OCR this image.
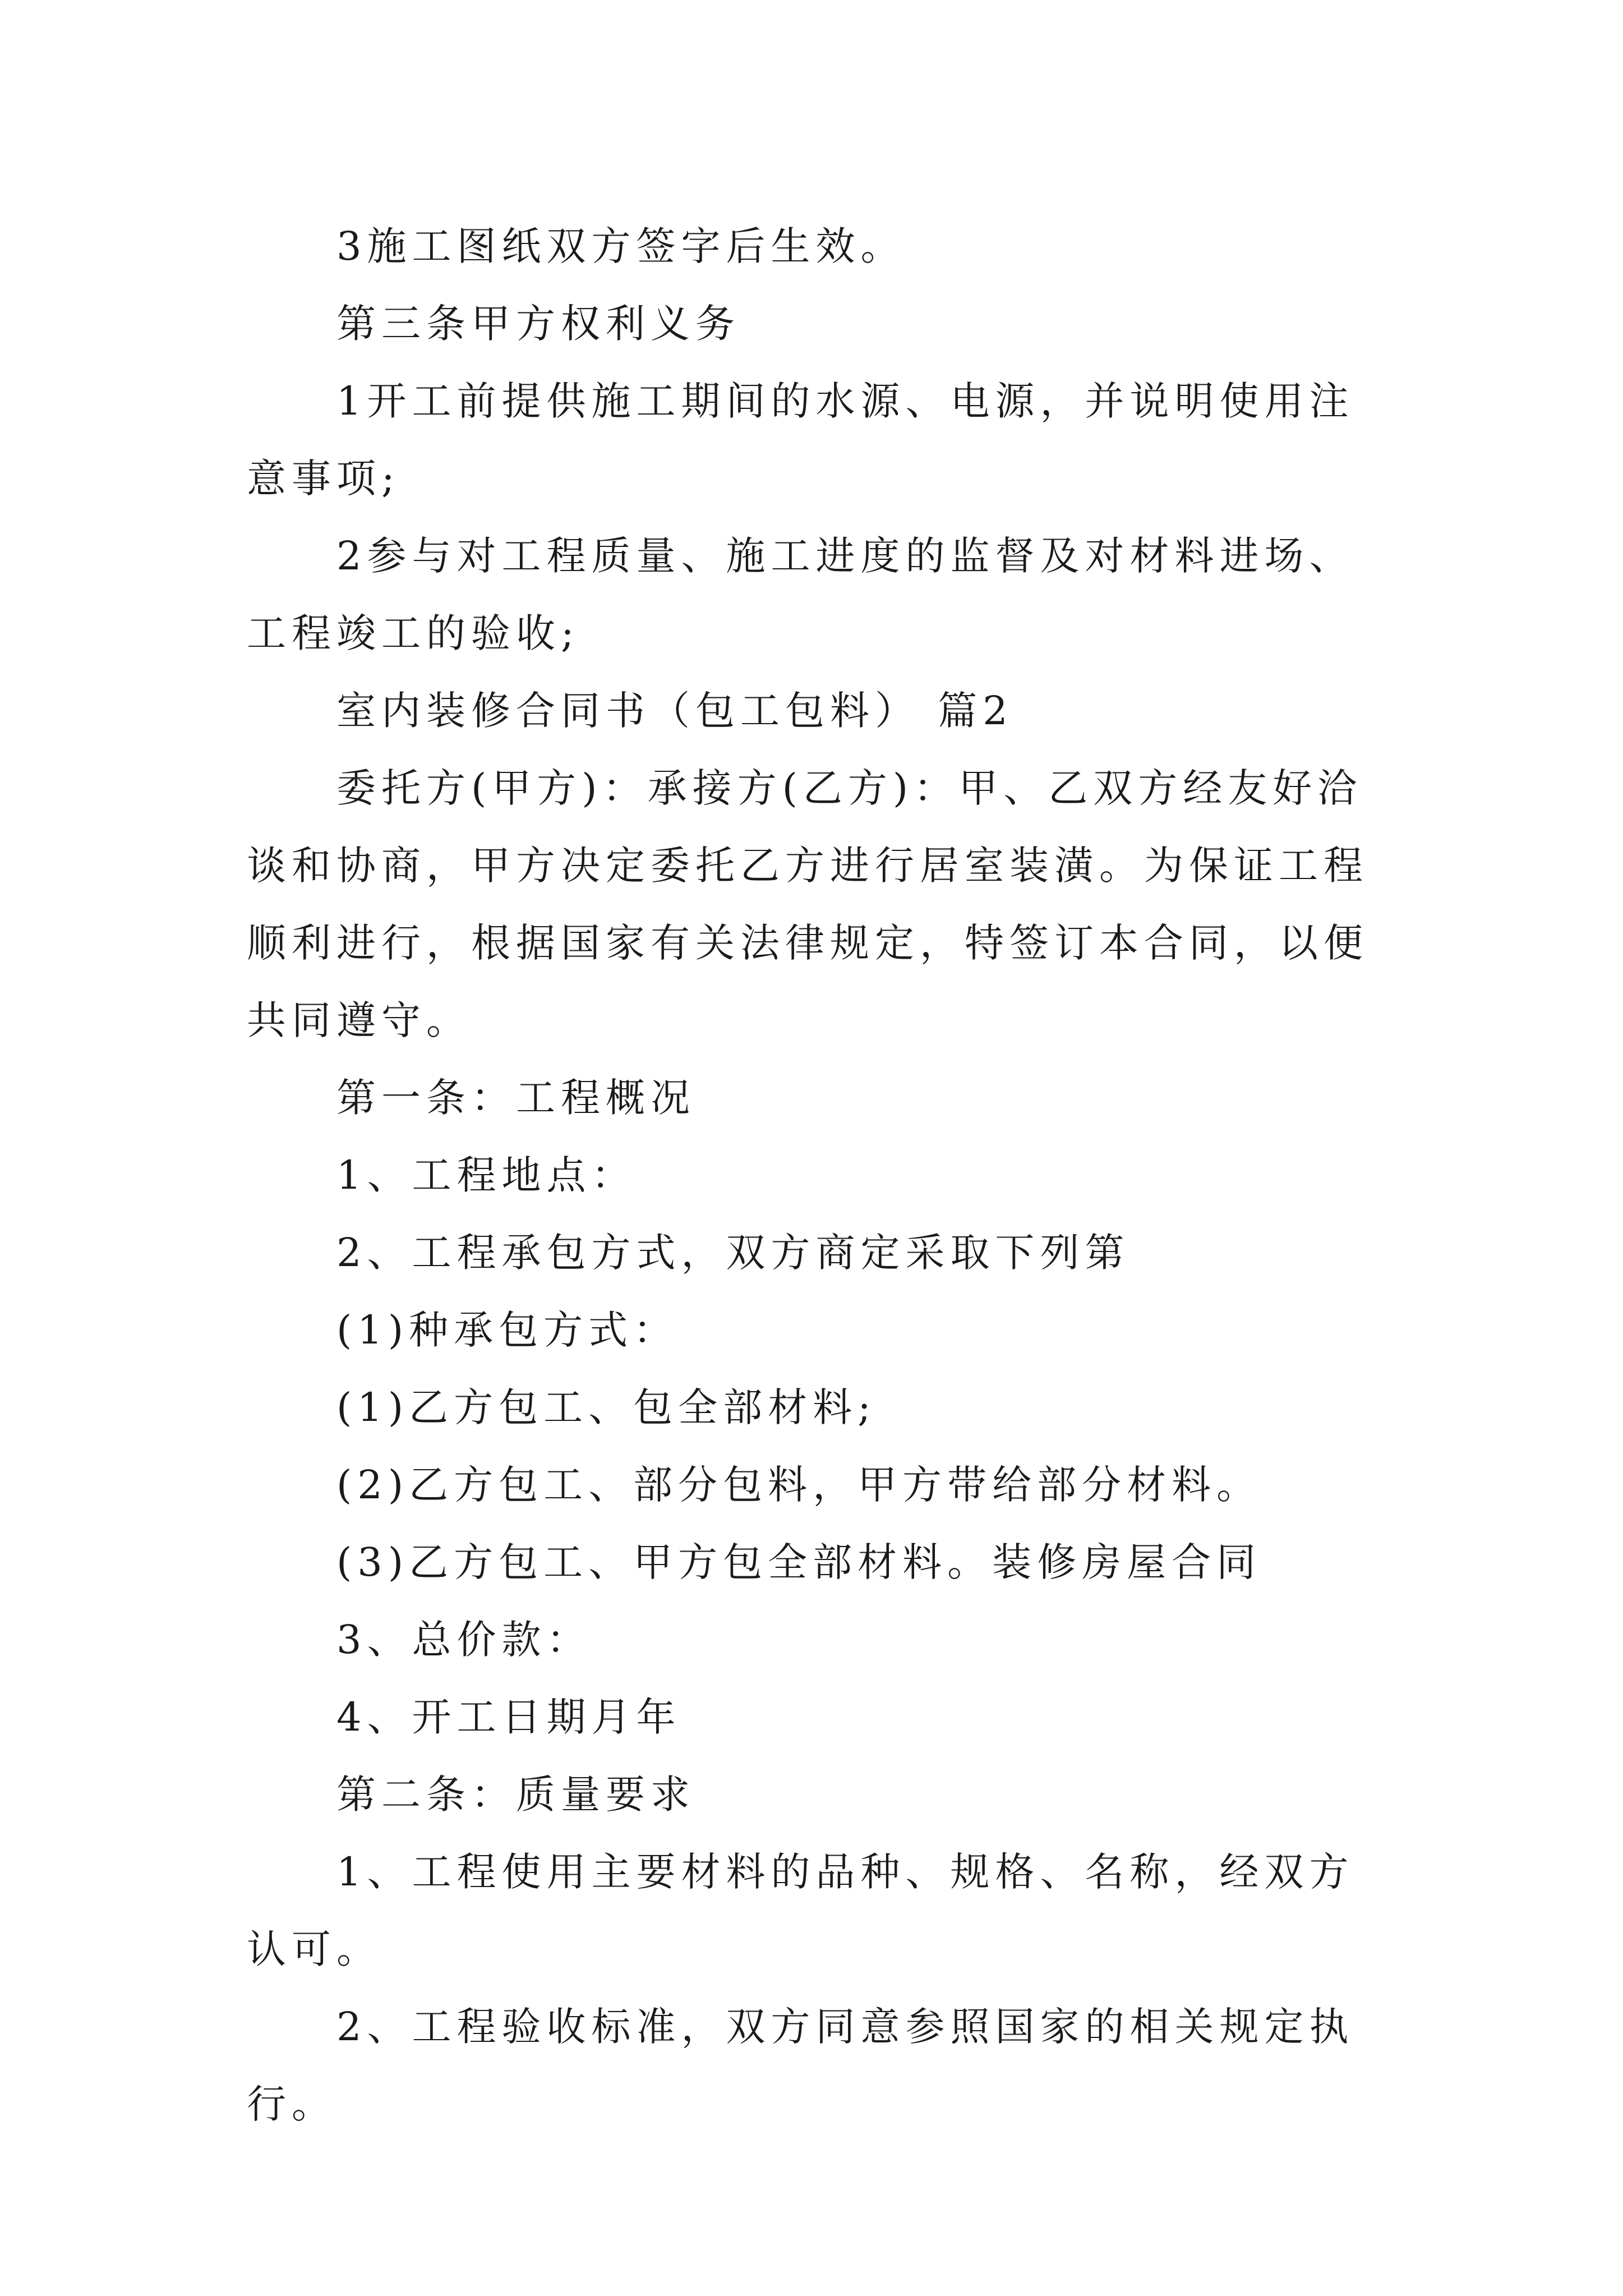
3施工图纸双方签字后生效。

第三条甲方权利义务

1开工前提供施工期间的水源、电源，并说明使用注意事项;

2参与对工程质量、施工进度的监督及对材料进场、工程竣工的验收;

室内装修合同书（包工包料） 篇2

委托方(甲方)：承接方(乙方)：甲、乙双方经友好洽谈和协商，甲方决定委托乙方进行居室装潢。为保证工程顺利进行，根据国家有关法律规定，特签订本合同，以便共同遵守。

第一条：工程概况

1、工程地点：

2、工程承包方式，双方商定采取下列第

(1)种承包方式：

(1)乙方包工、包全部材料;

(2)乙方包工、部分包料，甲方带给部分材料。

(3)乙方包工、甲方包全部材料。装修房屋合同

3、总价款：

4、开工日期月年

第二条：质量要求

1、工程使用主要材料的品种、规格、名称，经双方认可。

2、工程验收标准，双方同意参照国家的相关规定执行。
